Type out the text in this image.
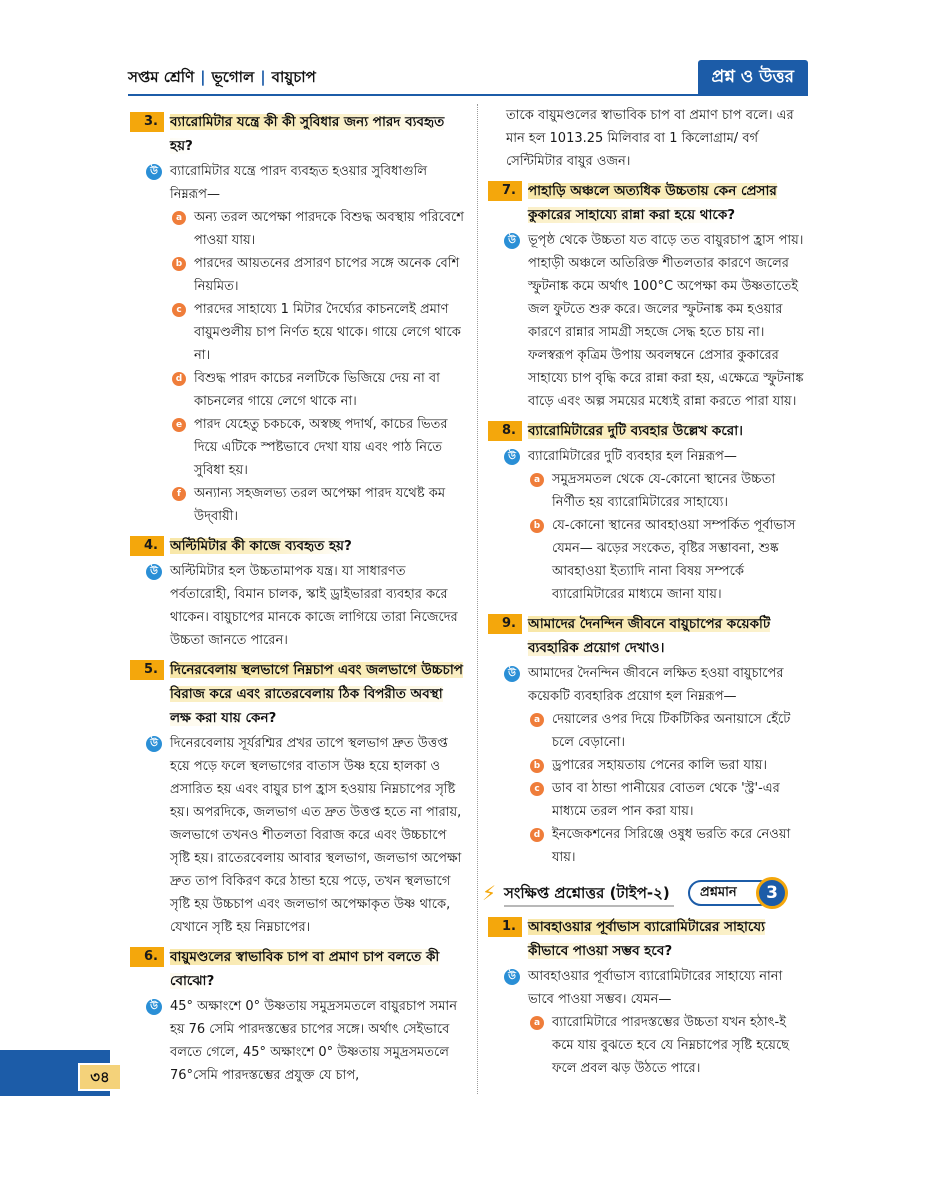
সপ্তম শ্রেণি | ভূগোল | বায়ুচাপ	প্রশ্ন ও উত্তর
3. ব্যারোমিটার যন্ত্রে কী কী সুবিধার জন্য পারদ ব্যবহৃত হয়?
উ ব্যারোমিটার যন্ত্রে পারদ ব্যবহৃত হওয়ার সুবিধাগুলি নিম্নরূপ—
a অন্য তরল অপেক্ষা পারদকে বিশুদ্ধ অবস্থায় পরিবেশে পাওয়া যায়।
b পারদের আয়তনের প্রসারণ চাপের সঙ্গে অনেক বেশি নিয়মিত।
c পারদের সাহায্যে 1 মিটার দৈর্ঘ্যের কাচনলেই প্রমাণ বায়ুমণ্ডলীয় চাপ নির্ণত হয়ে থাকে। গায়ে লেগে থাকে না।
d বিশুদ্ধ পারদ কাচের নলটিকে ভিজিয়ে দেয় না বা কাচনলের গায়ে লেগে থাকে না।
e পারদ যেহেতু চকচকে, অস্বচ্ছ পদার্থ, কাচের ভিতর দিয়ে এটিকে স্পষ্টভাবে দেখা যায় এবং পাঠ নিতে সুবিধা হয়।
f	অন্যান্য সহজলভ্য তরল অপেক্ষা পারদ যথেষ্ট কম উদ্‌বায়ী।
4. অল্টিমিটার কী কাজে ব্যবহৃত হয়?
উ অল্টিমিটার হল উচ্চতামাপক যন্ত্র। যা সাধারণত পর্বতারোহী, বিমান চালক, স্কাই ড্রাইভাররা ব্যবহার করে থাকেন। বায়ুচাপের মানকে কাজে লাগিয়ে তারা নিজেদের উচ্চতা জানতে পারেন।
5. দিনেরবেলায় স্থলভাগে নিম্নচাপ এবং জলভাগে উচ্চচাপ বিরাজ করে এবং রাতেরবেলায় ঠিক বিপরীত অবস্থা লক্ষ করা যায় কেন?
উ দিনেরবেলায় সূর্যরশ্মির প্রখর তাপে স্থলভাগ দ্রুত উত্তপ্ত হয়ে পড়ে ফলে স্থলভাগের বাতাস উষ্ণ হয়ে হালকা ও প্রসারিত হয় এবং বায়ুর চাপ হ্রাস হওয়ায় নিম্নচাপের সৃষ্টি হয়। অপরদিকে, জলভাগ এত দ্রুত উত্তপ্ত হতে না পারায়, জলভাগে তখনও শীতলতা বিরাজ করে এবং উচ্চচাপে সৃষ্টি হয়। রাতেরবেলায় আবার স্থলভাগ, জলভাগ অপেক্ষা দ্রুত তাপ বিকিরণ করে ঠান্ডা হয়ে পড়ে, তখন স্থলভাগে সৃষ্টি হয় উচ্চচাপ এবং জলভাগ অপেক্ষাকৃত উষ্ণ থাকে, যেখানে সৃষ্টি হয় নিম্নচাপের।
6. বায়ুমণ্ডলের স্বাভাবিক চাপ বা প্রমাণ চাপ বলতে কী বোঝো?
উ 45° অক্ষাংশে 0° উষ্ণতায় সমুদ্রসমতলে বায়ুরচাপ সমান হয় 76 সেমি পারদস্তম্ভের চাপের সঙ্গে। অর্থাৎ সেইভাবে বলতে গেলে, 45° অক্ষাংশে 0° উষ্ণতায় সমুদ্রসমতলে 76°সেমি পারদস্তম্ভের প্রযুক্ত যে চাপ,
তাকে বায়ুমণ্ডলের স্বাভাবিক চাপ বা প্রমাণ চাপ বলে। এর মান হল 1013.25 মিলিবার বা 1 কিলোগ্রাম/ বর্গ সেন্টিমিটার বায়ুর ওজন।
7. পাহাড়ি অঞ্চলে অত্যধিক উচ্চতায় কেন প্রেসার কুকারের সাহায্যে রান্না করা হয়ে থাকে?
উ ভূপৃষ্ঠ থেকে উচ্চতা যত বাড়ে তত বায়ুরচাপ হ্রাস পায়। পাহাড়ী অঞ্চলে অতিরিক্ত শীতলতার কারণে জলের স্ফুটনাঙ্ক কমে অর্থাৎ 100°C অপেক্ষা কম উষ্ণতাতেই জল ফুটতে শুরু করে। জলের স্ফুটনাঙ্ক কম হওয়ার কারণে রান্নার সামগ্রী সহজে সেদ্ধ হতে চায় না। ফলস্বরূপ কৃত্রিম উপায় অবলম্বনে প্রেসার কুকারের সাহায্যে চাপ বৃদ্ধি করে রান্না করা হয়, এক্ষেত্রে স্ফুটনাঙ্ক বাড়ে এবং অল্প সময়ের মধ্যেই রান্না করতে পারা যায়।
8. ব্যারোমিটারের দুটি ব্যবহার উল্লেখ করো।
উ ব্যারোমিটারের দুটি ব্যবহার হল নিম্নরূপ—
a সমুদ্রসমতল থেকে যে-কোনো স্থানের উচ্চতা নির্ণীত হয় ব্যারোমিটারের সাহায্যে।
b যে-কোনো স্থানের আবহাওয়া সম্পর্কিত পূর্বাভাস যেমন— ঝড়ের সংকেত, বৃষ্টির সম্ভাবনা, শুষ্ক আবহাওয়া ইত্যাদি নানা বিষয় সম্পর্কে ব্যারোমিটারের মাধ্যমে জানা যায়।
9. আমাদের দৈনন্দিন জীবনে বায়ুচাপের কয়েকটি ব্যবহারিক প্রয়োগ দেখাও।
উ আমাদের দৈনন্দিন জীবনে লক্ষিত হওয়া বায়ুচাপের কয়েকটি ব্যবহারিক প্রয়োগ হল নিম্নরূপ—
a দেয়ালের ওপর দিয়ে টিকটিকির অনায়াসে হেঁটে চলে বেড়ানো।
b ড্রপারের সহায়তায় পেনের কালি ভরা যায়।
c ডাব বা ঠান্ডা পানীয়ের বোতল থেকে 'স্ট্র'-এর মাধ্যমে তরল পান করা যায়।
d ইনজেকশনের সিরিঞ্জে ওষুধ ভরতি করে নেওয়া যায়।
⚡ সংক্ষিপ্ত প্রশ্নোত্তর (টাইপ-২)	প্রশ্নমান	3
1. আবহাওয়ার পূর্বাভাস ব্যারোমিটারের সাহায্যে কীভাবে পাওয়া সম্ভব হবে?
উ আবহাওয়ার পূর্বাভাস ব্যারোমিটারের সাহায্যে নানা ভাবে পাওয়া সম্ভব। যেমন—
a ব্যারোমিটারে পারদস্তম্ভের উচ্চতা যখন হঠাৎ-ই কমে যায় বুঝতে হবে যে নিম্নচাপের সৃষ্টি হয়েছে ফলে প্রবল ঝড় উঠতে পারে।
৩৪
